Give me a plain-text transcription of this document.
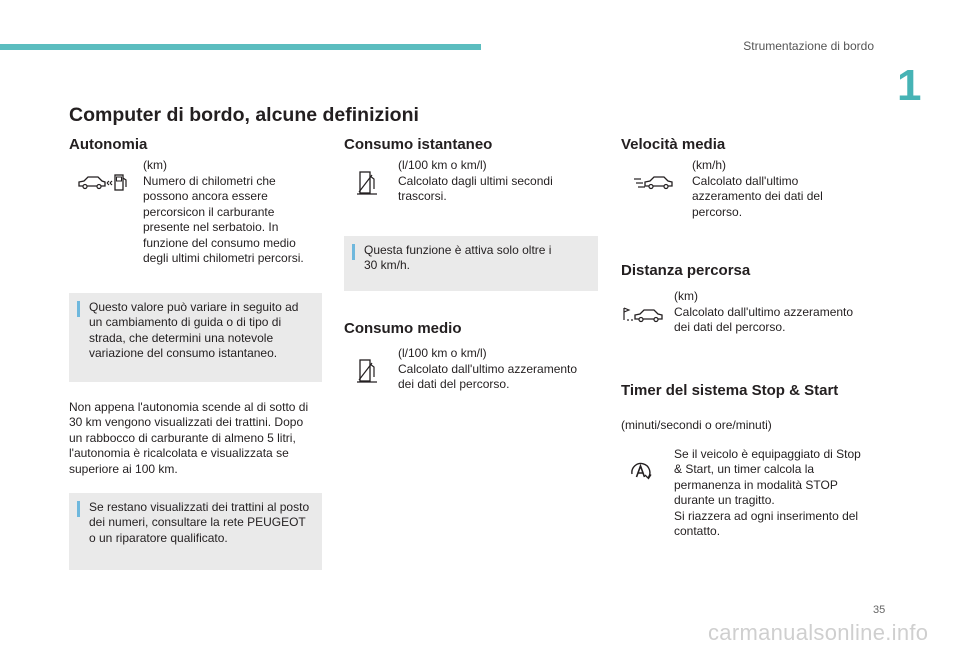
Strumentazione di bordo
1
Computer di bordo, alcune definizioni
Autonomia
(km)
Numero di chilometri che possono ancora essere percorsicon il carburante presente nel serbatoio. In funzione del consumo medio degli ultimi chilometri percorsi.
Questo valore può variare in seguito ad un cambiamento di guida o di tipo di strada, che determini una notevole variazione del consumo istantaneo.
Non appena l'autonomia scende al di sotto di 30 km vengono visualizzati dei trattini. Dopo un rabbocco di carburante di almeno 5 litri, l'autonomia è ricalcolata e visualizzata se superiore ai 100 km.
Se restano visualizzati dei trattini al posto dei numeri, consultare la rete PEUGEOT o un riparatore qualificato.
Consumo istantaneo
(l/100 km o km/l)
Calcolato dagli ultimi secondi trascorsi.
Questa funzione è attiva solo oltre i 30 km/h.
Consumo medio
(l/100 km o km/l)
Calcolato dall'ultimo azzeramento dei dati del percorso.
Velocità media
(km/h)
Calcolato dall'ultimo azzeramento dei dati del percorso.
Distanza percorsa
(km)
Calcolato dall'ultimo azzeramento dei dati del percorso.
Timer del sistema Stop & Start
(minuti/secondi o ore/minuti)
Se il veicolo è equipaggiato di Stop & Start, un timer calcola la permanenza in modalità STOP durante un tragitto.
Si riazzera ad ogni inserimento del contatto.
35
carmanualsonline.info
